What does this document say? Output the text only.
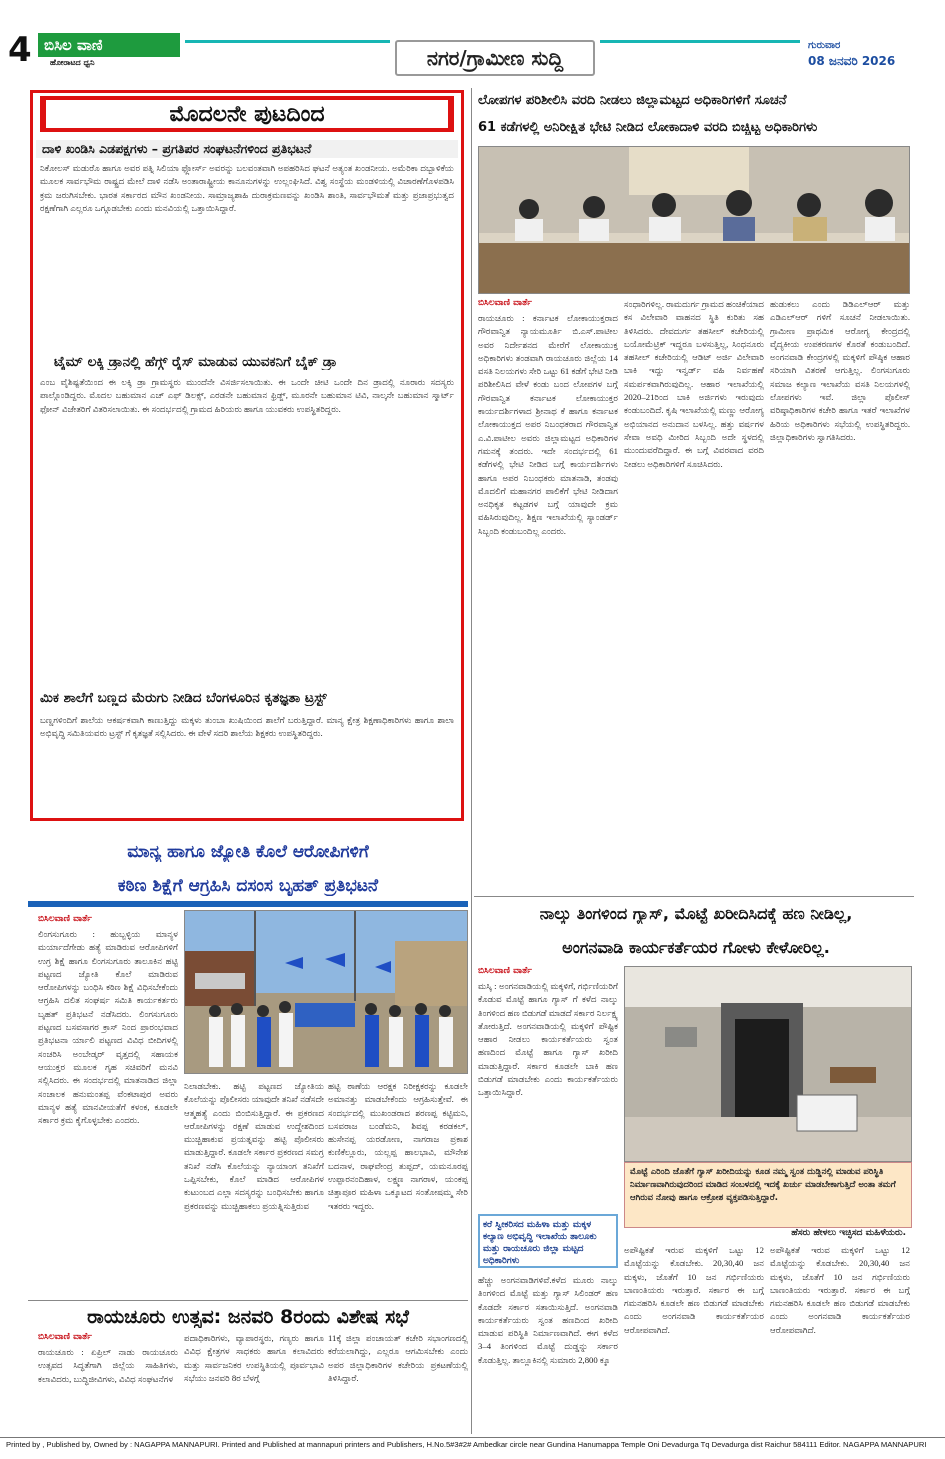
4 ಬಿಸಿಲ ವಾಣಿ
ಹೋರಾಟದ ಧ್ವನಿ	ನಗರ/ಗ್ರಾಮೀಣ ಸುದ್ದಿ
ಗುರುವಾರ
08 ಜನವರಿ 2026
ಮೊದಲನೇ ಪುಟದಿಂದ
ದಾಳಿ ಖಂಡಿಸಿ ಎಡಪಕ್ಷಗಳು – ಪ್ರಗತಿಪರ ಸಂಘಟನೆಗಳಿಂದ ಪ್ರತಿಭಟನೆ

ನಿಕೋಲಸ್ ಮಡುರೊ ಹಾಗೂ ಅವರ ಪತ್ನಿ ಸಿಲಿಯಾ ಫ್ಲೋರ್ಸ್ ಅವರನ್ನು ಬಲವಂತವಾಗಿ ಅಪಹರಿಸಿದ ಘಟನೆ ಅತ್ಯಂತ ಖಂಡನೀಯ. ಅಮೆರಿಕಾ ದಬ್ಬಾಳಿಕೆಯ ಮೂಲಕ ಸಾರ್ವಭೌಮ ರಾಷ್ಟ್ರದ ಮೇಲೆ ದಾಳಿ ನಡೆಸಿ ಅಂತಾರಾಷ್ಟ್ರೀಯ ಕಾನೂನುಗಳನ್ನು ಉಲ್ಲಂಘಿಸಿದೆ. ವಿಶ್ವ ಸಂಸ್ಥೆಯ ಮಂಡಳಿಯಲ್ಲಿ ವಿಚಾರಣೆಗೊಳಪಡಿಸಿ ಕ್ರಮ ಜರುಗಿಸಬೇಕು. ಭಾರತ ಸರ್ಕಾರದ ಮೌನ ಖಂಡನೀಯ. ಸಾಮ್ರಾಜ್ಯಶಾಹಿ ದುರಾಕ್ರಮಣವನ್ನು ಖಂಡಿಸಿ ಶಾಂತಿ, ಸಾರ್ವಭೌಮತೆ ಮತ್ತು ಪ್ರಜಾಪ್ರಭುತ್ವದ ರಕ್ಷಣೆಗಾಗಿ ಎಲ್ಲರೂ ಒಗ್ಗೂಡಬೇಕು ಎಂದು ಮನವಿಯಲ್ಲಿ ಒತ್ತಾಯಿಸಿದ್ದಾರೆ.

ಟೈಮ್ ಲಕ್ಕಿ ಡ್ರಾನಲ್ಲಿ ಹೆಗ್ಗ್ ರೈಸ್ ಮಾಡುವ ಯುವಕನಿಗೆ ಬೈಕ್ ಡ್ರಾ

ಎಂಬ ವೈಶಿಷ್ಟತೆಯಿಂದ ಈ ಲಕ್ಕಿ ಡ್ರಾ ಗ್ರಾಮಸ್ಥರು ಮುಂದೆನೇ ವಿಸರ್ಜಿಸಲಾಯಿತು. ಈ ಒಂದೇ ಚೀಟಿ ಒಂದೇ ದಿನ ಡ್ರಾದಲ್ಲಿ ನೂರಾರು ಸದಸ್ಯರು ಪಾಲ್ಗೊಂಡಿದ್ದರು. ಮೊದಲ ಬಹುಮಾನ ಎಚ್ ಎಫ್ ಡಿಲಕ್ಸ್, ಎರಡನೇ ಬಹುಮಾನ ಫ್ರಿಡ್ಜ್, ಮೂರನೇ ಬಹುಮಾನ ಟಿವಿ, ನಾಲ್ಕನೇ ಬಹುಮಾನ ಸ್ಮಾರ್ಟ್ ಫೋನ್ ವಿಜೇತರಿಗೆ ವಿತರಿಸಲಾಯಿತು. ಈ ಸಂದರ್ಭದಲ್ಲಿ ಗ್ರಾಮದ ಹಿರಿಯರು ಹಾಗೂ ಯುವಕರು ಉಪಸ್ಥಿತರಿದ್ದರು.

ಮಿಕ ಶಾಲೆಗೆ ಬಣ್ಣದ ಮೆರುಗು ನೀಡಿದ ಬೆಂಗಳೂರಿನ ಕೃತಜ್ಞತಾ ಟ್ರಸ್ಟ್

ಬಣ್ಣಗಳಿಂದಿಗೆ ಶಾಲೆಯ ಆಕರ್ಷಕವಾಗಿ ಕಾಣುತ್ತಿದ್ದು ಮಕ್ಕಳು ತುಂಬಾ ಖುಷಿಯಿಂದ ಶಾಲೆಗೆ ಬರುತ್ತಿದ್ದಾರೆ. ಮಾನ್ಯ ಕ್ಷೇತ್ರ ಶಿಕ್ಷಣಾಧಿಕಾರಿಗಳು ಹಾಗೂ ಶಾಲಾ ಅಭಿವೃದ್ಧಿ ಸಮಿತಿಯವರು ಟ್ರಸ್ಟ್ ಗೆ ಕೃತಜ್ಞತೆ ಸಲ್ಲಿಸಿದರು. ಈ ವೇಳೆ ಸದರಿ ಶಾಲೆಯ ಶಿಕ್ಷಕರು ಉಪಸ್ಥಿತರಿದ್ದರು.

ಮಾನ್ಯ ಹಾಗೂ ಜ್ಯೋತಿ ಕೊಲೆ ಆರೋಪಿಗಳಿಗೆ
ಕಠಿಣ ಶಿಕ್ಷೆಗೆ ಆಗ್ರಹಿಸಿ ದಸಂಸ ಬೃಹತ್ ಪ್ರತಿಭಟನೆ
ಬಿಸಿಲವಾಣಿ ವಾರ್ತೆ

ಲಿಂಗಸುಗೂರು : ಹುಬ್ಬಳ್ಳಿಯ ಮಾನ್ಯಳ ಮರ್ಯಾದೆಗೇಡು ಹತ್ಯೆ ಮಾಡಿರುವ ಆರೋಪಿಗಳಿಗೆ ಉಗ್ರ ಶಿಕ್ಷೆ ಹಾಗೂ ಲಿಂಗಸುಗೂರು ತಾಲೂಕಿನ ಹಟ್ಟಿ ಪಟ್ಟಣದ ಜ್ಯೋತಿ ಕೊಲೆ ಮಾಡಿರುವ ಆರೋಪಿಗಳನ್ನು ಬಂಧಿಸಿ ಕಠಿಣ ಶಿಕ್ಷೆ ವಿಧಿಸಬೇಕೆಂದು ಆಗ್ರಹಿಸಿ ದಲಿತ ಸಂಘರ್ಷ ಸಮಿತಿ ಕಾರ್ಯಕರ್ತರು ಬೃಹತ್ ಪ್ರತಿಭಟನೆ ನಡೆಸಿದರು. ಲಿಂಗಸುಗೂರು ಪಟ್ಟಣದ ಬಸವಸಾಗರ ಕ್ರಾಸ್ ನಿಂದ ಪ್ರಾರಂಭವಾದ ಪ್ರತಿಭಟನಾ ರ್ಯಾಲಿ ಪಟ್ಟಣದ ವಿವಿಧ ಬೀದಿಗಳಲ್ಲಿ ಸಂಚರಿಸಿ ಅಂಬೇಡ್ಕರ್ ವೃತ್ತದಲ್ಲಿ ಸಹಾಯಕ ಆಯುಕ್ತರ ಮೂಲಕ ಗೃಹ ಸಚಿವರಿಗೆ ಮನವಿ ಸಲ್ಲಿಸಿದರು. ಈ ಸಂದರ್ಭದಲ್ಲಿ ಮಾತನಾಡಿದ ಜಿಲ್ಲಾ ಸಂಚಾಲಕ ಹನುಮಂತಪ್ಪ ವೆಂಕಟಾಪುರ ಅವರು ಮಾನ್ಯಳ ಹತ್ಯೆ ಮಾನವೀಯತೆಗೆ ಕಳಂಕ, ಕೂಡಲೇ ಸರ್ಕಾರ ಕ್ರಮ ಕೈಗೊಳ್ಳಬೇಕು ಎಂದರು.

ನಿಲಾಡಬೇಕು. ಹಟ್ಟಿ ಪಟ್ಟಣದ ಜ್ಯೋತಿಯ ಕೊಲೆಯನ್ನು ಪೊಲೀಸರು ಯಾವುದೇ ತನಿಖೆ ನಡೆಸದೇ ಆತ್ಮಹತ್ಯೆ ಎಂದು ಬಿಂಬಿಸುತ್ತಿದ್ದಾರೆ. ಈ ಪ್ರಕರಣದ ಆರೋಪಿಗಳನ್ನು ರಕ್ಷಣೆ ಮಾಡುವ ಉದ್ದೇಶದಿಂದ ಮುಚ್ಚಿಹಾಕುವ ಪ್ರಯತ್ನವನ್ನು ಹಟ್ಟಿ ಪೊಲೀಸರು ಮಾಡುತ್ತಿದ್ದಾರೆ. ಕೂಡಲೇ ಸರ್ಕಾರ ಪ್ರಕರಣದ ಸಮಗ್ರ ತನಿಖೆ ನಡೆಸಿ ಕೊಲೆಯನ್ನು ನ್ಯಾಯಾಂಗ ತನಿಖೆಗೆ ಒಪ್ಪಿಸಬೇಕು, ಕೊಲೆ ಮಾಡಿದ ಆರೋಪಿಗಳ ಕುಟುಂಬದ ಎಲ್ಲಾ ಸದಸ್ಯರನ್ನು ಬಂಧಿಸಬೇಕು ಹಾಗೂ ಪ್ರಕರಣವನ್ನು ಮುಚ್ಚಿಹಾಕಲು ಪ್ರಯತ್ನಿಸುತ್ತಿರುವ

ಹಟ್ಟಿ ಠಾಣೆಯ ಆರಕ್ಷಕ ನಿರೀಕ್ಷಕರನ್ನು ಕೂಡಲೇ ಅಮಾನತ್ತು ಮಾಡಬೇಕೆಂದು ಆಗ್ರಹಿಸುತ್ತೇವೆ. ಈ ಸಂದರ್ಭದಲ್ಲಿ ಮುಖಂಡರಾದ ಶರಣಪ್ಪ ಕಟ್ಟಿಮನಿ, ಬಸವರಾಜ ಬಂಡೆಮನಿ, ಶಿವಪ್ಪ ಕರಡಕಲ್, ಹುಸೇನಪ್ಪ ಯರಡೋಣ, ನಾಗರಾಜ ಪ್ರಕಾಶ ಕುಣಿಕೆಲ್ಲೂರು, ಯಲ್ಲಪ್ಪ ಹಾಲಭಾವಿ, ಮೌನೇಶ ಬದನಾಳ, ರಾಘವೇಂದ್ರ ತುಪ್ಪದ್, ಯಮನೂರಪ್ಪ ಉಪ್ಪಾರನಂದಿಹಾಳ, ಲಕ್ಷ್ಮಣ ನಾಗರಾಳ, ಯಂಕಪ್ಪ ಚಿತ್ತಾಪೂರ ಮಹಿಳಾ ಒಕ್ಕೂಟದ ಸಂತೋಷಮ್ಮ ಸೇರಿ ಇತರರು ಇದ್ದರು.

ರಾಯಚೂರು ಉತ್ಸವ: ಜನವರಿ 8ರಂದು ವಿಶೇಷ ಸಭೆ
ಬಿಸಿಲವಾಣಿ ವಾರ್ತೆ

ರಾಯಚೂರು : ಏಪ್ರಿಲ್ ನಾಡು ರಾಯಚೂರು ಉತ್ಸವದ ಸಿದ್ಧತೆಗಾಗಿ ಜಿಲ್ಲೆಯ ಸಾಹಿತಿಗಳು, ಕಲಾವಿದರು, ಬುದ್ಧಿಜೀವಿಗಳು, ವಿವಿಧ ಸಂಘಟನೆಗಳ

ಪದಾಧಿಕಾರಿಗಳು, ವ್ಯಾಪಾರಸ್ಥರು, ಗಣ್ಯರು ಹಾಗೂ ವಿವಿಧ ಕ್ಷೇತ್ರಗಳ ಸಾಧಕರು ಹಾಗೂ ಕಲಾವಿದರು ಮತ್ತು ಸಾರ್ವಜನಿಕರ ಉಪಸ್ಥಿತಿಯಲ್ಲಿ ಪೂರ್ವಭಾವಿ ಸಭೆಯು ಜನವರಿ 8ರ ಬೆಳಗ್ಗೆ

11ಕ್ಕೆ ಜಿಲ್ಲಾ ಪಂಚಾಯತ್ ಕಚೇರಿ ಸಭಾಂಗಣದಲ್ಲಿ ಕರೆಯಲಾಗಿದ್ದು, ಎಲ್ಲರೂ ಆಗಮಿಸಬೇಕು ಎಂದು ಅಪರ ಜಿಲ್ಲಾಧಿಕಾರಿಗಳ ಕಚೇರಿಯ ಪ್ರಕಟಣೆಯಲ್ಲಿ ತಿಳಿಸಿದ್ದಾರೆ.

ಲೋಪಗಳ ಪರಿಶೀಲಿಸಿ ವರದಿ ನೀಡಲು ಜಿಲ್ಲಾಮಟ್ಟದ ಅಧಿಕಾರಿಗಳಿಗೆ ಸೂಚನೆ
61 ಕಡೆಗಳಲ್ಲಿ ಅನಿರೀಕ್ಷಿತ ಭೇಟಿ ನೀಡಿದ ಲೋಕಾದಾಳಿ ವರದಿ ಬಿಚ್ಚಿಟ್ಟ ಅಧಿಕಾರಿಗಳು
ಬಿಸಿಲವಾಣಿ ವಾರ್ತೆ

ರಾಯಚೂರು : ಕರ್ನಾಟಕ ಲೋಕಾಯುಕ್ತರಾದ ಗೌರವಾನ್ವಿತ ನ್ಯಾಯಮೂರ್ತಿ ಬಿ.ಎಸ್.ಪಾಟೀಲ ಅವರ ನಿರ್ದೇಶನದ ಮೇರೆಗೆ ಲೋಕಾಯುಕ್ತ ಅಧಿಕಾರಿಗಳು ತಂಡವಾಗಿ ರಾಯಚೂರು ಜಿಲ್ಲೆಯ 14 ವಸತಿ ನಿಲಯಗಳು ಸೇರಿ ಒಟ್ಟು 61 ಕಡೆಗೆ ಭೇಟಿ ನೀಡಿ ಪರಿಶೀಲಿಸಿದ ವೇಳೆ ಕಂಡು ಬಂದ ಲೋಪಗಳ ಬಗ್ಗೆ ಗೌರವಾನ್ವಿತ ಕರ್ನಾಟಕ ಲೋಕಾಯುಕ್ತರ ಕಾರ್ಯದರ್ಶಿಗಳಾದ ಶ್ರೀನಾಥ ಕೆ ಹಾಗೂ ಕರ್ನಾಟಕ ಲೋಕಾಯುಕ್ತದ ಅಪರ ನಿಬಂಧಕರಾದ ಗೌರವಾನ್ವಿತ ಎ.ವಿ.ಪಾಟೀಲ ಅವರು ಜಿಲ್ಲಾಮಟ್ಟದ ಅಧಿಕಾರಿಗಳ ಗಮನಕ್ಕೆ ತಂದರು. ಇದೇ ಸಂದರ್ಭದಲ್ಲಿ 61 ಕಡೆಗಳಲ್ಲಿ ಭೇಟಿ ನೀಡಿದ ಬಗ್ಗೆ ಕಾರ್ಯದರ್ಶಿಗಳು ಹಾಗೂ ಅಪರ ನಿಬಂಧಕರು ಮಾತನಾಡಿ, ತಂಡವು ಮೊದಲಿಗೆ ಮಹಾನಗರ ಪಾಲಿಕೆಗೆ ಭೇಟಿ ನೀಡಿದಾಗ ಅನಧಿಕೃತ ಕಟ್ಟಡಗಳ ಬಗ್ಗೆ ಯಾವುದೇ ಕ್ರಮ ವಹಿಸಿರುವುದಿಲ್ಲ. ಶಿಕ್ಷಣ ಇಲಾಖೆಯಲ್ಲಿ ಸ್ಯಾಂಡರ್ಡ್ ಸಿಬ್ಬಂದಿ ಕಂಡುಬಂದಿಲ್ಲ ಎಂದರು.

ಸಂಧಾರಿಗಳಿಲ್ಲ. ರಾಮದುರ್ಗ ಗ್ರಾಮದ ಹಂಚಿಕೆಯಾದ ಕಸ ವಿಲೇವಾರಿ ವಾಹನದ ಸ್ಥಿತಿ ಕುರಿತು ಸಹ ತಿಳಿಸಿದರು. ದೇವದುರ್ಗ ತಹಸೀಲ್ ಕಚೇರಿಯಲ್ಲಿ ಬಯೋಮೆಟ್ರಿಕ್ ಇದ್ದರೂ ಬಳಸುತ್ತಿಲ್ಲ, ಸಿಂಧನೂರು ತಹಸೀಲ್ ಕಚೇರಿಯಲ್ಲಿ ಆಡಿಟ್ ಅರ್ಜಿ ವಿಲೇವಾರಿ ಬಾಕಿ ಇದ್ದು ಇನ್ವರ್ಡ್ ವಹಿ ನಿರ್ವಹಣೆ ಸಮರ್ಪಕವಾಗಿರುವುದಿಲ್ಲ. ಆಹಾರ ಇಲಾಖೆಯಲ್ಲಿ 2020–21ರಿಂದ ಬಾಕಿ ಅರ್ಜಿಗಳು ಇರುವುದು ಕಂಡುಬಂದಿದೆ. ಕೃಷಿ ಇಲಾಖೆಯಲ್ಲಿ ಮಣ್ಣು ಆರೋಗ್ಯ ಅಭಿಯಾನದ ಅನುದಾನ ಬಳಸಿಲ್ಲ. ಹತ್ತು ವರ್ಷಗಳ ಸೇವಾ ಅವಧಿ ಮೀರಿದ ಸಿಬ್ಬಂದಿ ಅದೇ ಸ್ಥಳದಲ್ಲಿ ಮುಂದುವರೆದಿದ್ದಾರೆ. ಈ ಬಗ್ಗೆ ವಿವರವಾದ ವರದಿ ನೀಡಲು ಅಧಿಕಾರಿಗಳಿಗೆ ಸೂಚಿಸಿದರು.

ಹುಡುಕಲು ಎಂದು ಡಿಡಿಎಲ್ಆರ್ ಮತ್ತು ಎಡಿಎಲ್ಆರ್ ಗಳಿಗೆ ಸೂಚನೆ ನೀಡಲಾಯಿತು. ಗ್ರಾಮೀಣ ಪ್ರಾಥಮಿಕ ಆರೋಗ್ಯ ಕೇಂದ್ರದಲ್ಲಿ ವೈದ್ಯಕೀಯ ಉಪಕರಣಗಳ ಕೊರತೆ ಕಂಡುಬಂದಿದೆ. ಅಂಗನವಾಡಿ ಕೇಂದ್ರಗಳಲ್ಲಿ ಮಕ್ಕಳಿಗೆ ಪೌಷ್ಠಿಕ ಆಹಾರ ಸರಿಯಾಗಿ ವಿತರಣೆ ಆಗುತ್ತಿಲ್ಲ. ಲಿಂಗಸುಗೂರು ಸಮಾಜ ಕಲ್ಯಾಣ ಇಲಾಖೆಯ ವಸತಿ ನಿಲಯಗಳಲ್ಲಿ ಲೋಪಗಳು ಇವೆ. ಜಿಲ್ಲಾ ಪೊಲೀಸ್ ವರಿಷ್ಠಾಧಿಕಾರಿಗಳ ಕಚೇರಿ ಹಾಗೂ ಇತರೆ ಇಲಾಖೆಗಳ ಹಿರಿಯ ಅಧಿಕಾರಿಗಳು ಸಭೆಯಲ್ಲಿ ಉಪಸ್ಥಿತರಿದ್ದರು. ಜಿಲ್ಲಾಧಿಕಾರಿಗಳು ಸ್ವಾಗತಿಸಿದರು.

ನಾಲ್ಕು ತಿಂಗಳಿಂದ ಗ್ಯಾಸ್, ಮೊಟ್ಟೆ ಖರೀದಿಸಿದಕ್ಕೆ ಹಣ ನೀಡಿಲ್ಲ,
ಅಂಗನವಾಡಿ ಕಾರ್ಯಕರ್ತೆಯರ ಗೋಳು ಕೇಳೋರಿಲ್ಲ.
ಬಿಸಿಲವಾಣಿ ವಾರ್ತೆ

ಮಸ್ಕಿ : ಅಂಗನವಾಡಿಯಲ್ಲಿ ಮಕ್ಕಳಿಗೆ, ಗರ್ಭಿಣಿಯರಿಗೆ ಕೊಡುವ ಮೊಟ್ಟೆ ಹಾಗೂ ಗ್ಯಾಸ್ ಗೆ ಕಳೆದ ನಾಲ್ಕು ತಿಂಗಳಿಂದ ಹಣ ಬಿಡುಗಡೆ ಮಾಡದೆ ಸರ್ಕಾರ ನಿರ್ಲಕ್ಷ್ಯ ತೋರುತ್ತಿದೆ. ಅಂಗನವಾಡಿಯಲ್ಲಿ ಮಕ್ಕಳಿಗೆ ಪೌಷ್ಟಿಕ ಆಹಾರ ನೀಡಲು ಕಾರ್ಯಕರ್ತೆಯರು ಸ್ವಂತ ಹಣದಿಂದ ಮೊಟ್ಟೆ ಹಾಗೂ ಗ್ಯಾಸ್ ಖರೀದಿ ಮಾಡುತ್ತಿದ್ದಾರೆ. ಸರ್ಕಾರ ಕೂಡಲೇ ಬಾಕಿ ಹಣ ಬಿಡುಗಡೆ ಮಾಡಬೇಕು ಎಂದು ಕಾರ್ಯಕರ್ತೆಯರು ಒತ್ತಾಯಿಸಿದ್ದಾರೆ.

ಮೊಟ್ಟೆ ಎರಿಂದಿ ಜೊತೆಗೆ ಗ್ಯಾಸ್ ಖರೀದಿಯನ್ನು ಕೂಡ ನಮ್ಮ ಸ್ವಂತ ದುಡ್ಡಿನಲ್ಲಿ ಮಾಡುವ ಪರಿಸ್ಥಿತಿ ನಿರ್ಮಾಣವಾಗಿರುವುದರಿಂದ ಮಾಡಿದ ಸಂಬಳದಲ್ಲಿ ಇದಕ್ಕೆ ಖರ್ಚು ಮಾಡಬೇಕಾಗುತ್ತಿದೆ ಅಂತಾ ತಮಗೆ ಆಗಿರುವ ನೋವು ಹಾಗೂ ಆಕ್ರೋಶ ವ್ಯಕ್ತಪಡಿಸುತ್ತಿದ್ದಾರೆ.
ಹೆಸರು ಹೇಳಲು ಇಚ್ಛಿಸದ ಮಹಿಳೆಯರು.
ಕರೆ ಸ್ವೀಕರಿಸದ ಮಹಿಳಾ ಮತ್ತು ಮಕ್ಕಳ ಕಲ್ಯಾಣ ಅಭಿವೃದ್ಧಿ ಇಲಾಖೆಯ ತಾಲೂಕು ಮತ್ತು ರಾಯಚೂರು ಜಿಲ್ಲಾ ಮಟ್ಟದ ಅಧಿಕಾರಿಗಳು

ಹೆಚ್ಚು ಅಂಗನವಾಡಿಗಳಿವೆ.ಕಳೆದ ಮೂರು ನಾಲ್ಕು ತಿಂಗಳಿಂದ ಮೊಟ್ಟೆ ಮತ್ತು ಗ್ಯಾಸ್ ಸಿಲಿಂಡರ್ ಹಣ ಕೊಡದೇ ಸರ್ಕಾರ ಸತಾಯಿಸುತ್ತಿದೆ. ಅಂಗನವಾಡಿ ಕಾರ್ಯಕರ್ತೆಯರು ಸ್ವಂತ ಹಣದಿಂದ ಖರೀದಿ ಮಾಡುವ ಪರಿಸ್ಥಿತಿ ನಿರ್ಮಾಣವಾಗಿದೆ. ಈಗ ಕಳೆದ 3–4 ತಿಂಗಳಿಂದ ಮೊಟ್ಟೆ ದುಡ್ಡನ್ನು ಸರ್ಕಾರ ಕೊಡುತ್ತಿಲ್ಲ. ತಾಲ್ಲೂಕಿನಲ್ಲಿ ಸುಮಾರು 2,800 ಕ್ಕೂ

ಅಪೌಷ್ಟಿಕತೆ ಇರುವ ಮಕ್ಕಳಿಗೆ ಒಟ್ಟು 12 ಮೊಟ್ಟೆಯನ್ನು ಕೊಡಬೇಕು. 20,30,40 ಜನ ಮಕ್ಕಳು, ಜೊತೆಗೆ 10 ಜನ ಗರ್ಭಿಣಿಯರು ಬಾಣಂತಿಯರು ಇರುತ್ತಾರೆ. ಸರ್ಕಾರ ಈ ಬಗ್ಗೆ ಗಮನಹರಿಸಿ ಕೂಡಲೇ ಹಣ ಬಿಡುಗಡೆ ಮಾಡಬೇಕು ಎಂದು ಅಂಗನವಾಡಿ ಕಾರ್ಯಕರ್ತೆಯರ ಆರೋಪವಾಗಿದೆ.

ಅಪೌಷ್ಟಿಕತೆ ಇರುವ ಮಕ್ಕಳಿಗೆ ಒಟ್ಟು 12 ಮೊಟ್ಟೆಯನ್ನು ಕೊಡಬೇಕು. 20,30,40 ಜನ ಮಕ್ಕಳು, ಜೊತೆಗೆ 10 ಜನ ಗರ್ಭಿಣಿಯರು ಬಾಣಂತಿಯರು ಇರುತ್ತಾರೆ. ಸರ್ಕಾರ ಈ ಬಗ್ಗೆ ಗಮನಹರಿಸಿ ಕೂಡಲೇ ಹಣ ಬಿಡುಗಡೆ ಮಾಡಬೇಕು ಎಂದು ಅಂಗನವಾಡಿ ಕಾರ್ಯಕರ್ತೆಯರ ಆರೋಪವಾಗಿದೆ.

Printed by , Published by, Owned by : NAGAPPA MANNAPURI. Printed and Published at mannapuri printers and Publishers, H.No.5#3#2# Ambedkar circle near Gundina Hanumappa Temple Oni Devadurga Tq Devadurga dist Raichur 584111 Editor. NAGAPPA MANNAPURI
